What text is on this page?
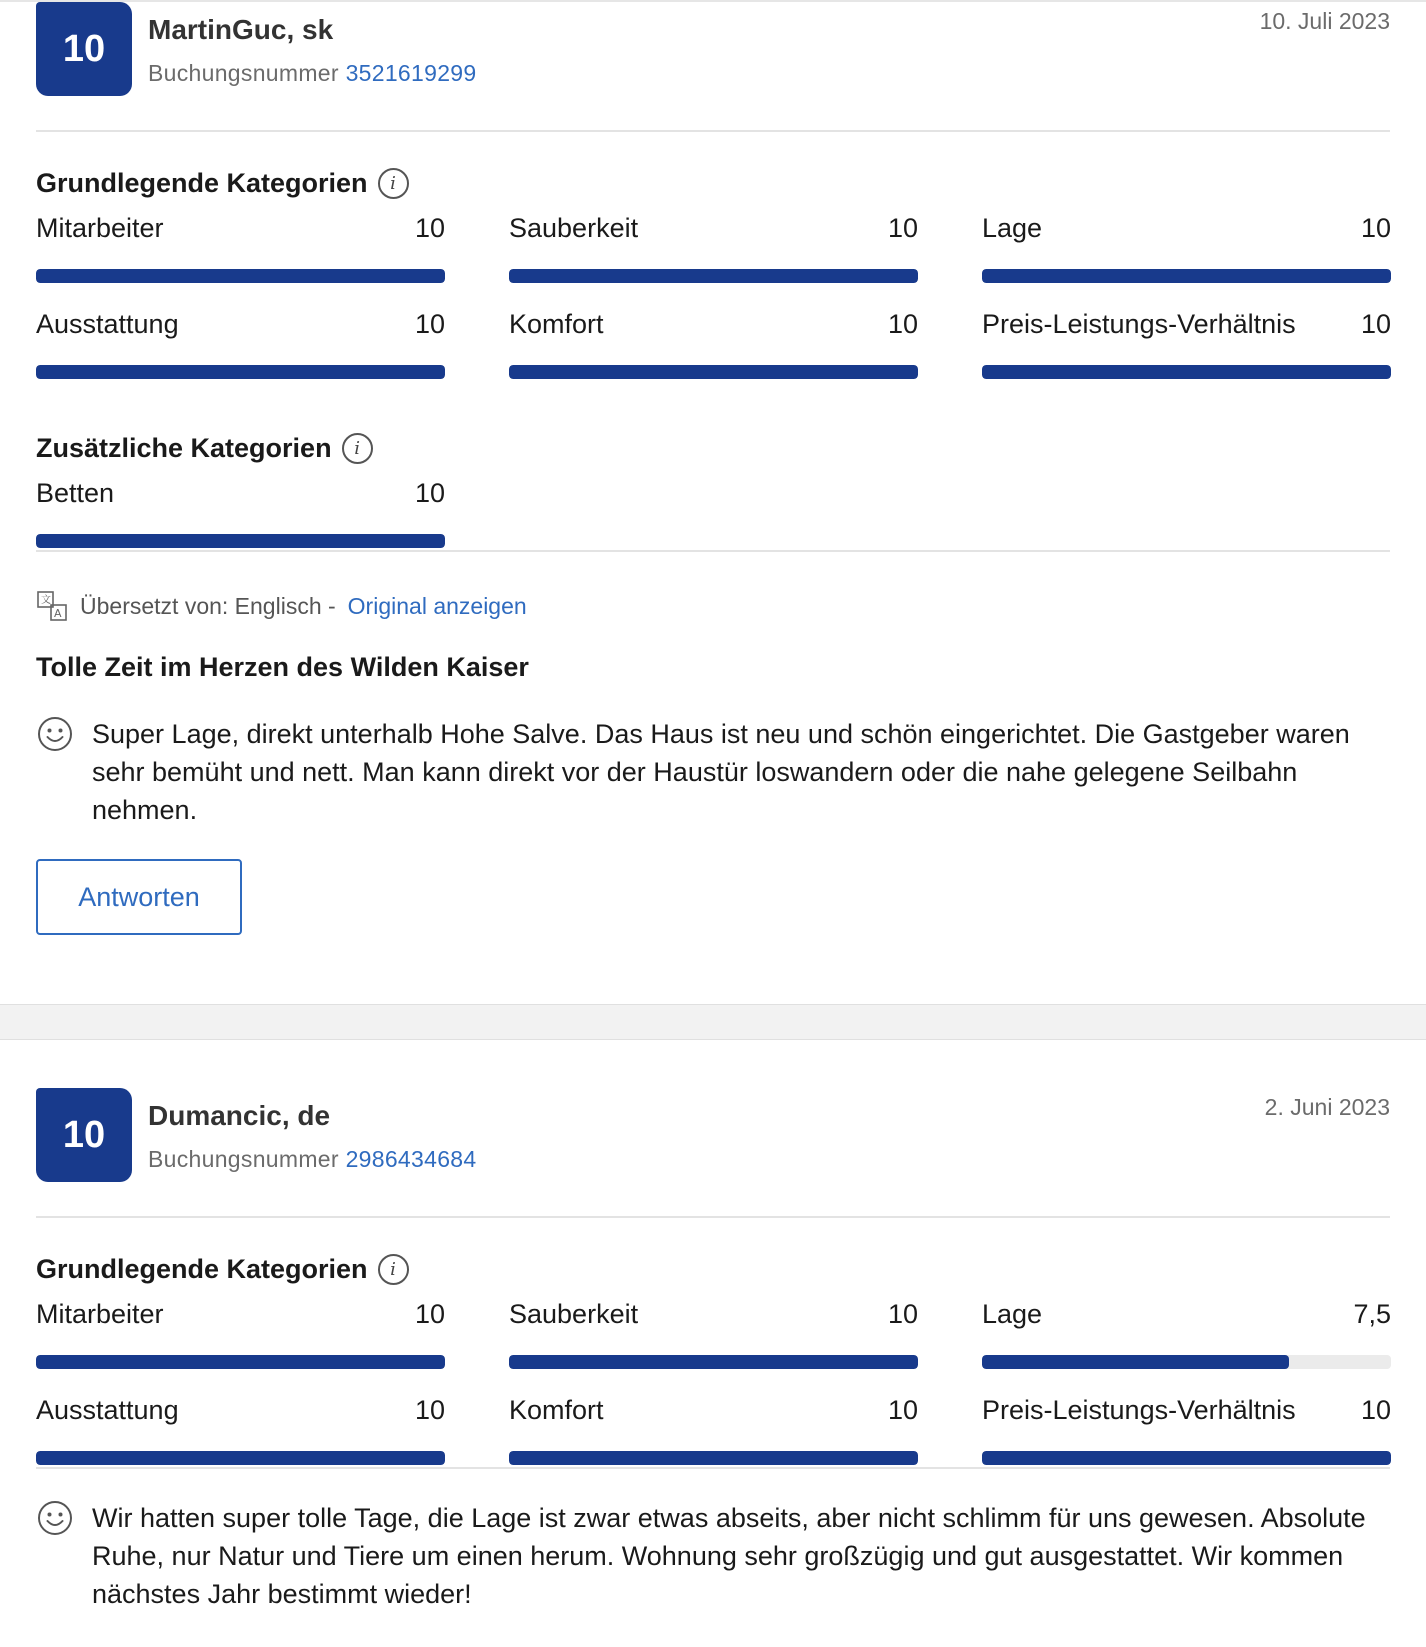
10	MartinGuc, sk
Buchungsnummer 3521619299
10. Juli 2023
Grundlegende Kategorien	i
Mitarbeiter	10 Sauberkeit	10 Lage	10
Ausstattung	10 Komfort	10 Preis-Leistungs-Verhältnis 10
Zusätzliche Kategorien	i
Betten	10
文
A Übersetzt von: Englisch - Original anzeigen
Tolle Zeit im Herzen des Wilden Kaiser
Super Lage, direkt unterhalb Hohe Salve. Das Haus ist neu und schön eingerichtet. Die Gastgeber waren sehr bemüht und nett. Man kann direkt vor der Haustür loswandern oder die nahe gelegene Seilbahn nehmen.
Antworten
10	Dumancic, de
Buchungsnummer 2986434684
2. Juni 2023
Grundlegende Kategorien	i
Mitarbeiter	10 Sauberkeit	10 Lage	7,5
Ausstattung	10 Komfort	10 Preis-Leistungs-Verhältnis 10
Wir hatten super tolle Tage, die Lage ist zwar etwas abseits, aber nicht schlimm für uns gewesen. Absolute Ruhe, nur Natur und Tiere um einen herum. Wohnung sehr großzügig und gut ausgestattet. Wir kommen nächstes Jahr bestimmt wieder!
